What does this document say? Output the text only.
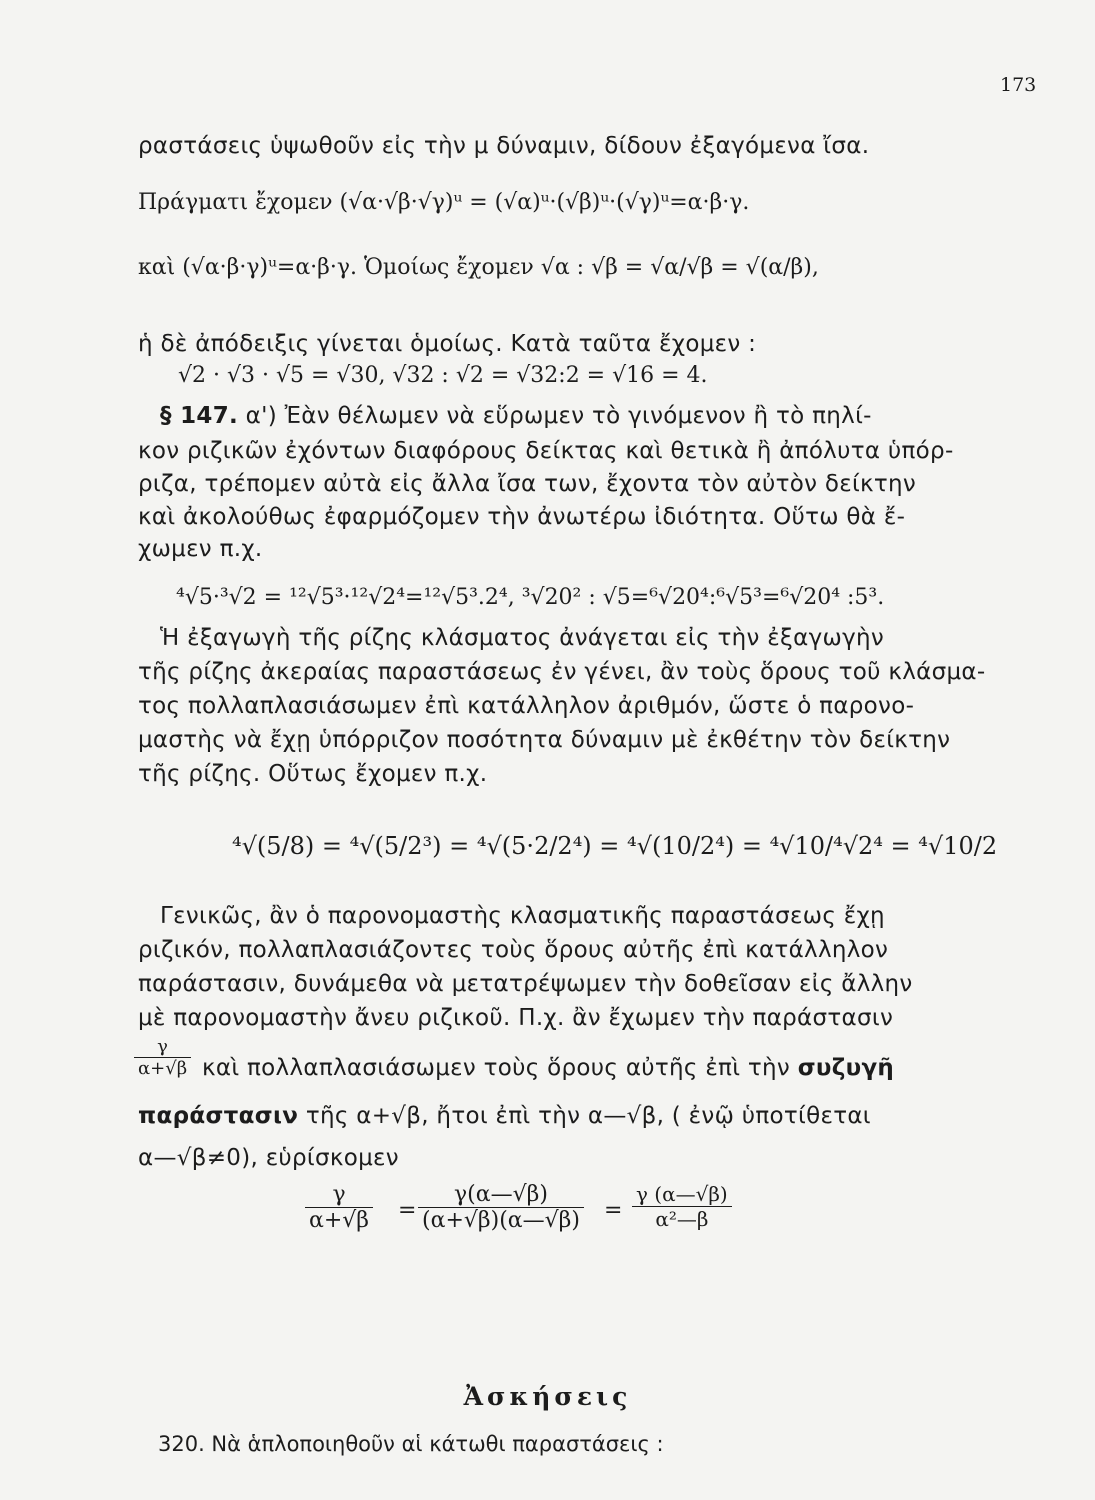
173
ραστάσεις ὑψωθοῦν εἰς τὴν μ δύναμιν, δίδουν ἐξαγόμενα ἴσα.
Πράγματι ἔχομεν (√α·√β·√γ)ᵘ = (√α)ᵘ·(√β)ᵘ·(√γ)ᵘ=α·β·γ.
καὶ (√α·β·γ)ᵘ=α·β·γ. Ὁμοίως ἔχομεν √α : √β = √α/√β = √(α/β),
ἡ δὲ ἀπόδειξις γίνεται ὁμοίως. Κατὰ ταῦτα ἔχομεν :
√2 · √3 · √5 = √30, √32 : √2 = √32:2 = √16 = 4.
§ 147. α') Ἐὰν θέλωμεν νὰ εὕρωμεν τὸ γινόμενον ἢ τὸ πηλί-
κον ριζικῶν ἐχόντων διαφόρους δείκτας καὶ θετικὰ ἢ ἀπόλυτα ὑπόρ-
ριζα, τρέπομεν αὐτὰ εἰς ἄλλα ἴσα των, ἔχοντα τὸν αὐτὸν δείκτην
καὶ ἀκολούθως ἐφαρμόζομεν τὴν ἀνωτέρω ἰδιότητα. Οὕτω θὰ ἔ-
χωμεν π.χ.
⁴√5·³√2 = ¹²√5³·¹²√2⁴=¹²√5³.2⁴, ³√20² : √5=⁶√20⁴:⁶√5³=⁶√20⁴ :5³.
Ἡ ἐξαγωγὴ τῆς ρίζης κλάσματος ἀνάγεται εἰς τὴν ἐξαγωγὴν
τῆς ρίζης ἀκεραίας παραστάσεως ἐν γένει, ἂν τοὺς ὅρους τοῦ κλάσμα-
τος πολλαπλασιάσωμεν ἐπὶ κατάλληλον ἀριθμόν, ὥστε ὁ παρονο-
μαστὴς νὰ ἔχῃ ὑπόρριζον ποσότητα δύναμιν μὲ ἐκθέτην τὸν δείκτην
τῆς ρίζης. Οὕτως ἔχομεν π.χ.
⁴√(5/8) = ⁴√(5/2³) = ⁴√(5·2/2⁴) = ⁴√(10/2⁴) = ⁴√10/⁴√2⁴ = ⁴√10/2
Γενικῶς, ἂν ὁ παρονομαστὴς κλασματικῆς παραστάσεως ἔχῃ
ριζικόν, πολλαπλασιάζοντες τοὺς ὅρους αὐτῆς ἐπὶ κατάλληλον
παράστασιν, δυνάμεθα νὰ μετατρέψωμεν τὴν δοθεῖσαν εἰς ἄλλην
μὲ παρονομαστὴν ἄνευ ριζικοῦ. Π.χ. ἂν ἔχωμεν τὴν παράστασιν
$\frac{\gamma}{\alpha+√\beta}$ καὶ πολλαπλασιάσωμεν τοὺς ὅρους αὐτῆς ἐπὶ τὴν συζυγῆ
παράστασιν τῆς α+√β, ἤτοι ἐπὶ τὴν α—√β, ( ἐνῷ ὑποτίθεται
α—√β≠0), εὑρίσκομεν
$\frac{\gamma}{\alpha+√\beta} = \frac{\gamma(\alpha—√\beta)}{(\alpha+√\beta)(\alpha—√\beta)} = \frac{\gamma (\alpha—√\beta)}{\text{α²—β}}$
Ἀσκήσεις
320. Νὰ ἁπλοποιηθοῦν αἱ κάτωθι παραστάσεις :
